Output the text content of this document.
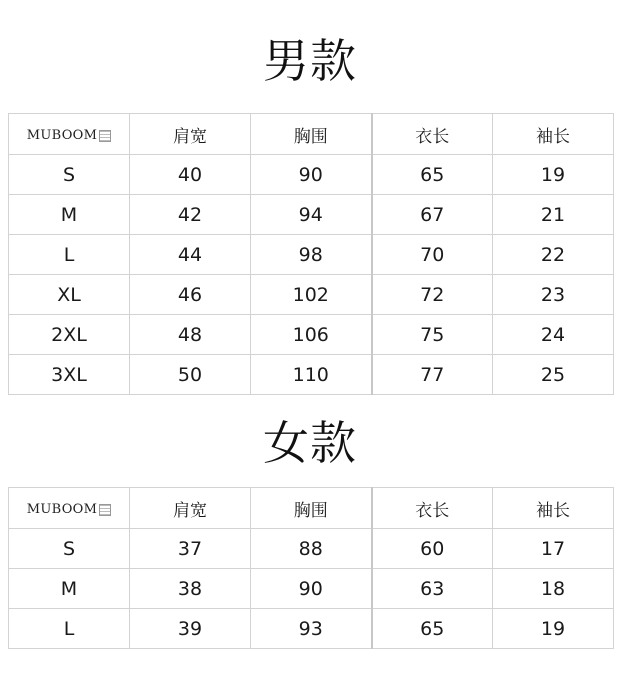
男款
MUBOOM	肩宽	胸围	衣长	袖长
S	40	90	65	19
M	42	94	67	21
L	44	98	70	22
XL	46	102	72	23
2XL	48	106	75	24
3XL	50	110	77	25
女款
MUBOOM	肩宽	胸围	衣长	袖长
S	37	88	60	17
M	38	90	63	18
L	39	93	65	19
